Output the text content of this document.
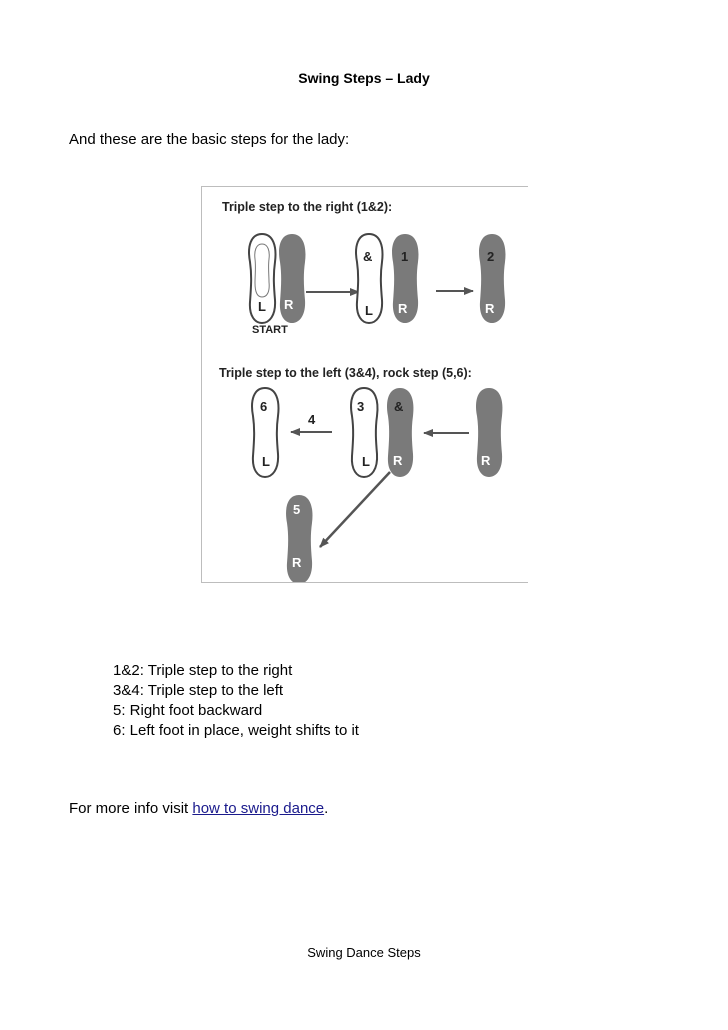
Swing Steps – Lady
And these are the basic steps for the lady:
Triple step to the right (1&2):
L R
START
& 1
L R
2
R
Triple step to the left (3&4), rock step (5,6):
6
L
4
3 &
L R	R
5
R
1&2: Triple step to the right
3&4: Triple step to the left
5: Right foot backward
6: Left foot in place, weight shifts to it
For more info visit how to swing dance.
Swing Dance Steps
